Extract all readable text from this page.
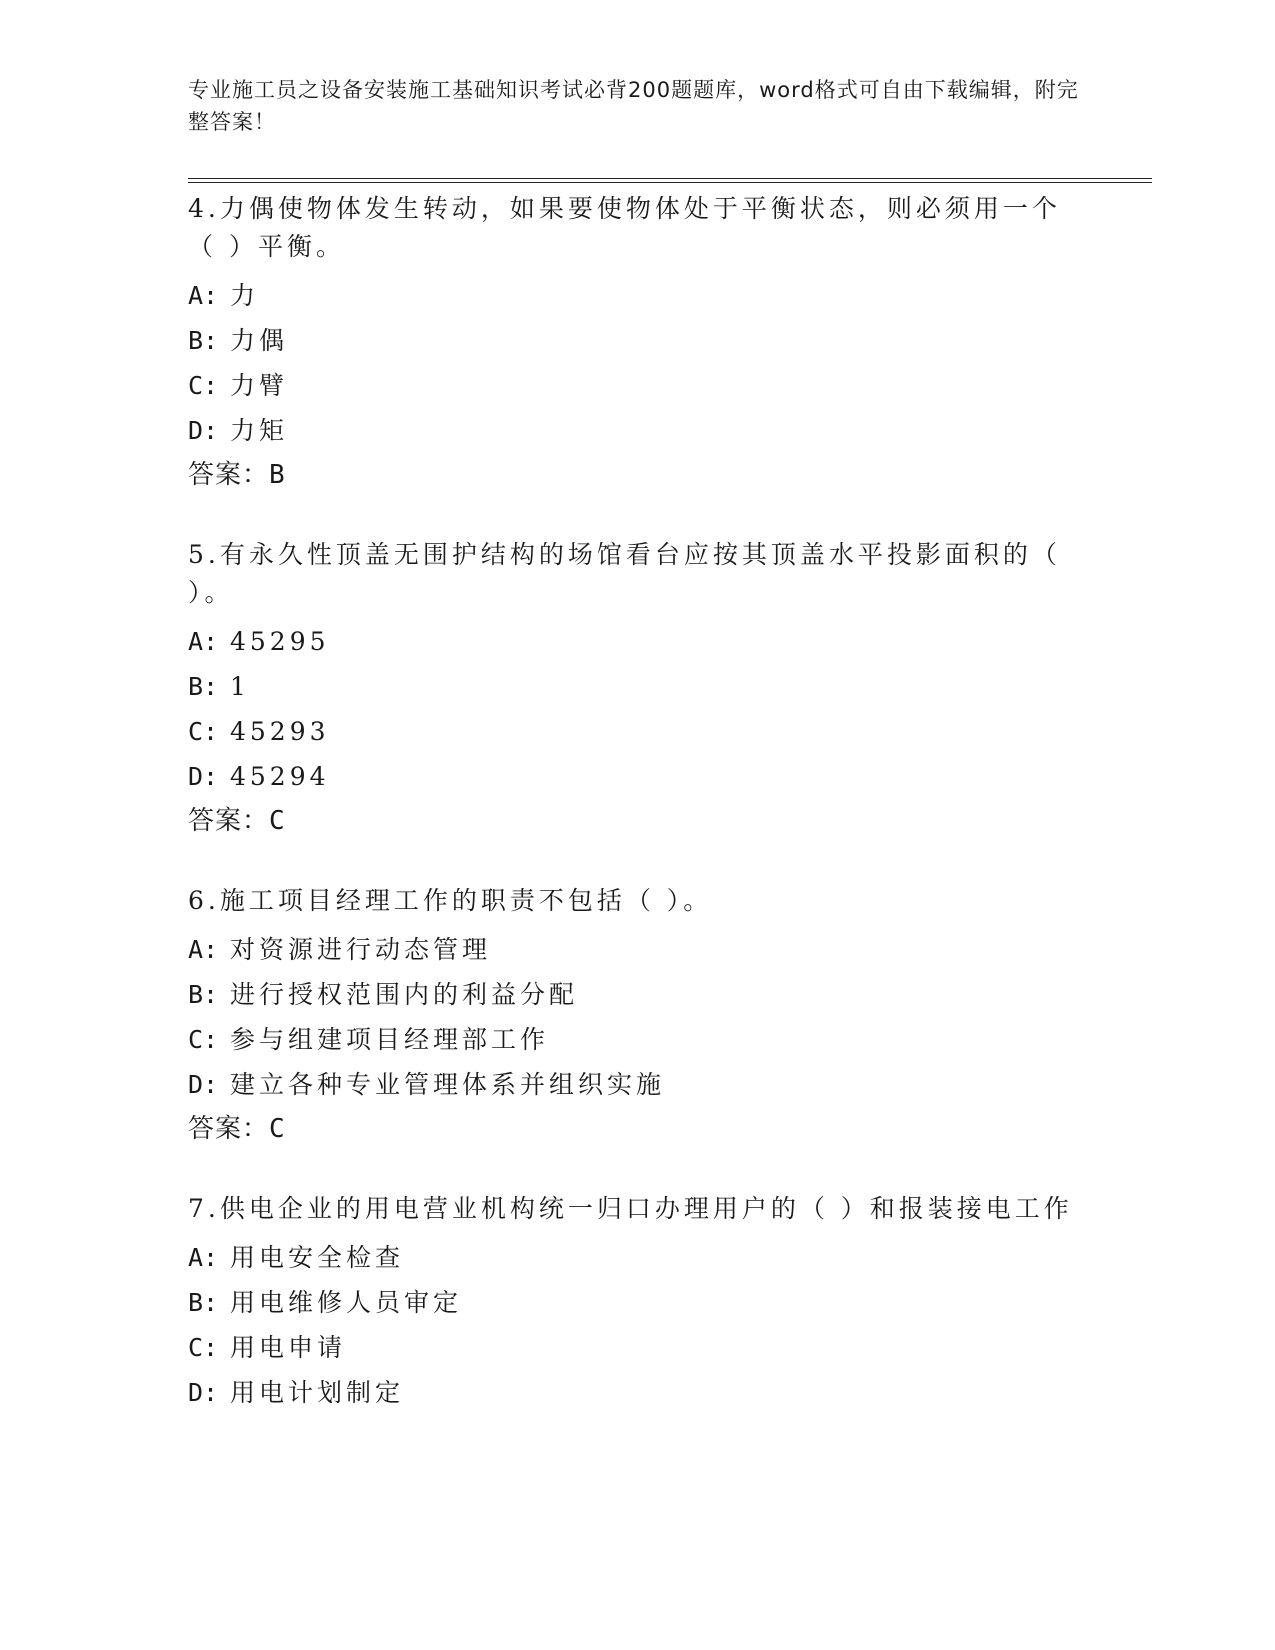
专业施工员之设备安装施工基础知识考试必背200题题库，word格式可自由下载编辑，附完整答案！

4.力偶使物体发生转动，如果要使物体处于平衡状态，则必须用一个（ ）平衡。

A: 力
B: 力偶
C: 力臂
D: 力矩
答案：B

5.有永久性顶盖无围护结构的场馆看台应按其顶盖水平投影面积的（ ）。

A: 45295
B: 1
C: 45293
D: 45294
答案：C

6.施工项目经理工作的职责不包括（ ）。

A: 对资源进行动态管理
B: 进行授权范围内的利益分配
C: 参与组建项目经理部工作
D: 建立各种专业管理体系并组织实施
答案：C

7.供电企业的用电营业机构统一归口办理用户的（ ）和报装接电工作

A: 用电安全检查
B: 用电维修人员审定
C: 用电申请
D: 用电计划制定
